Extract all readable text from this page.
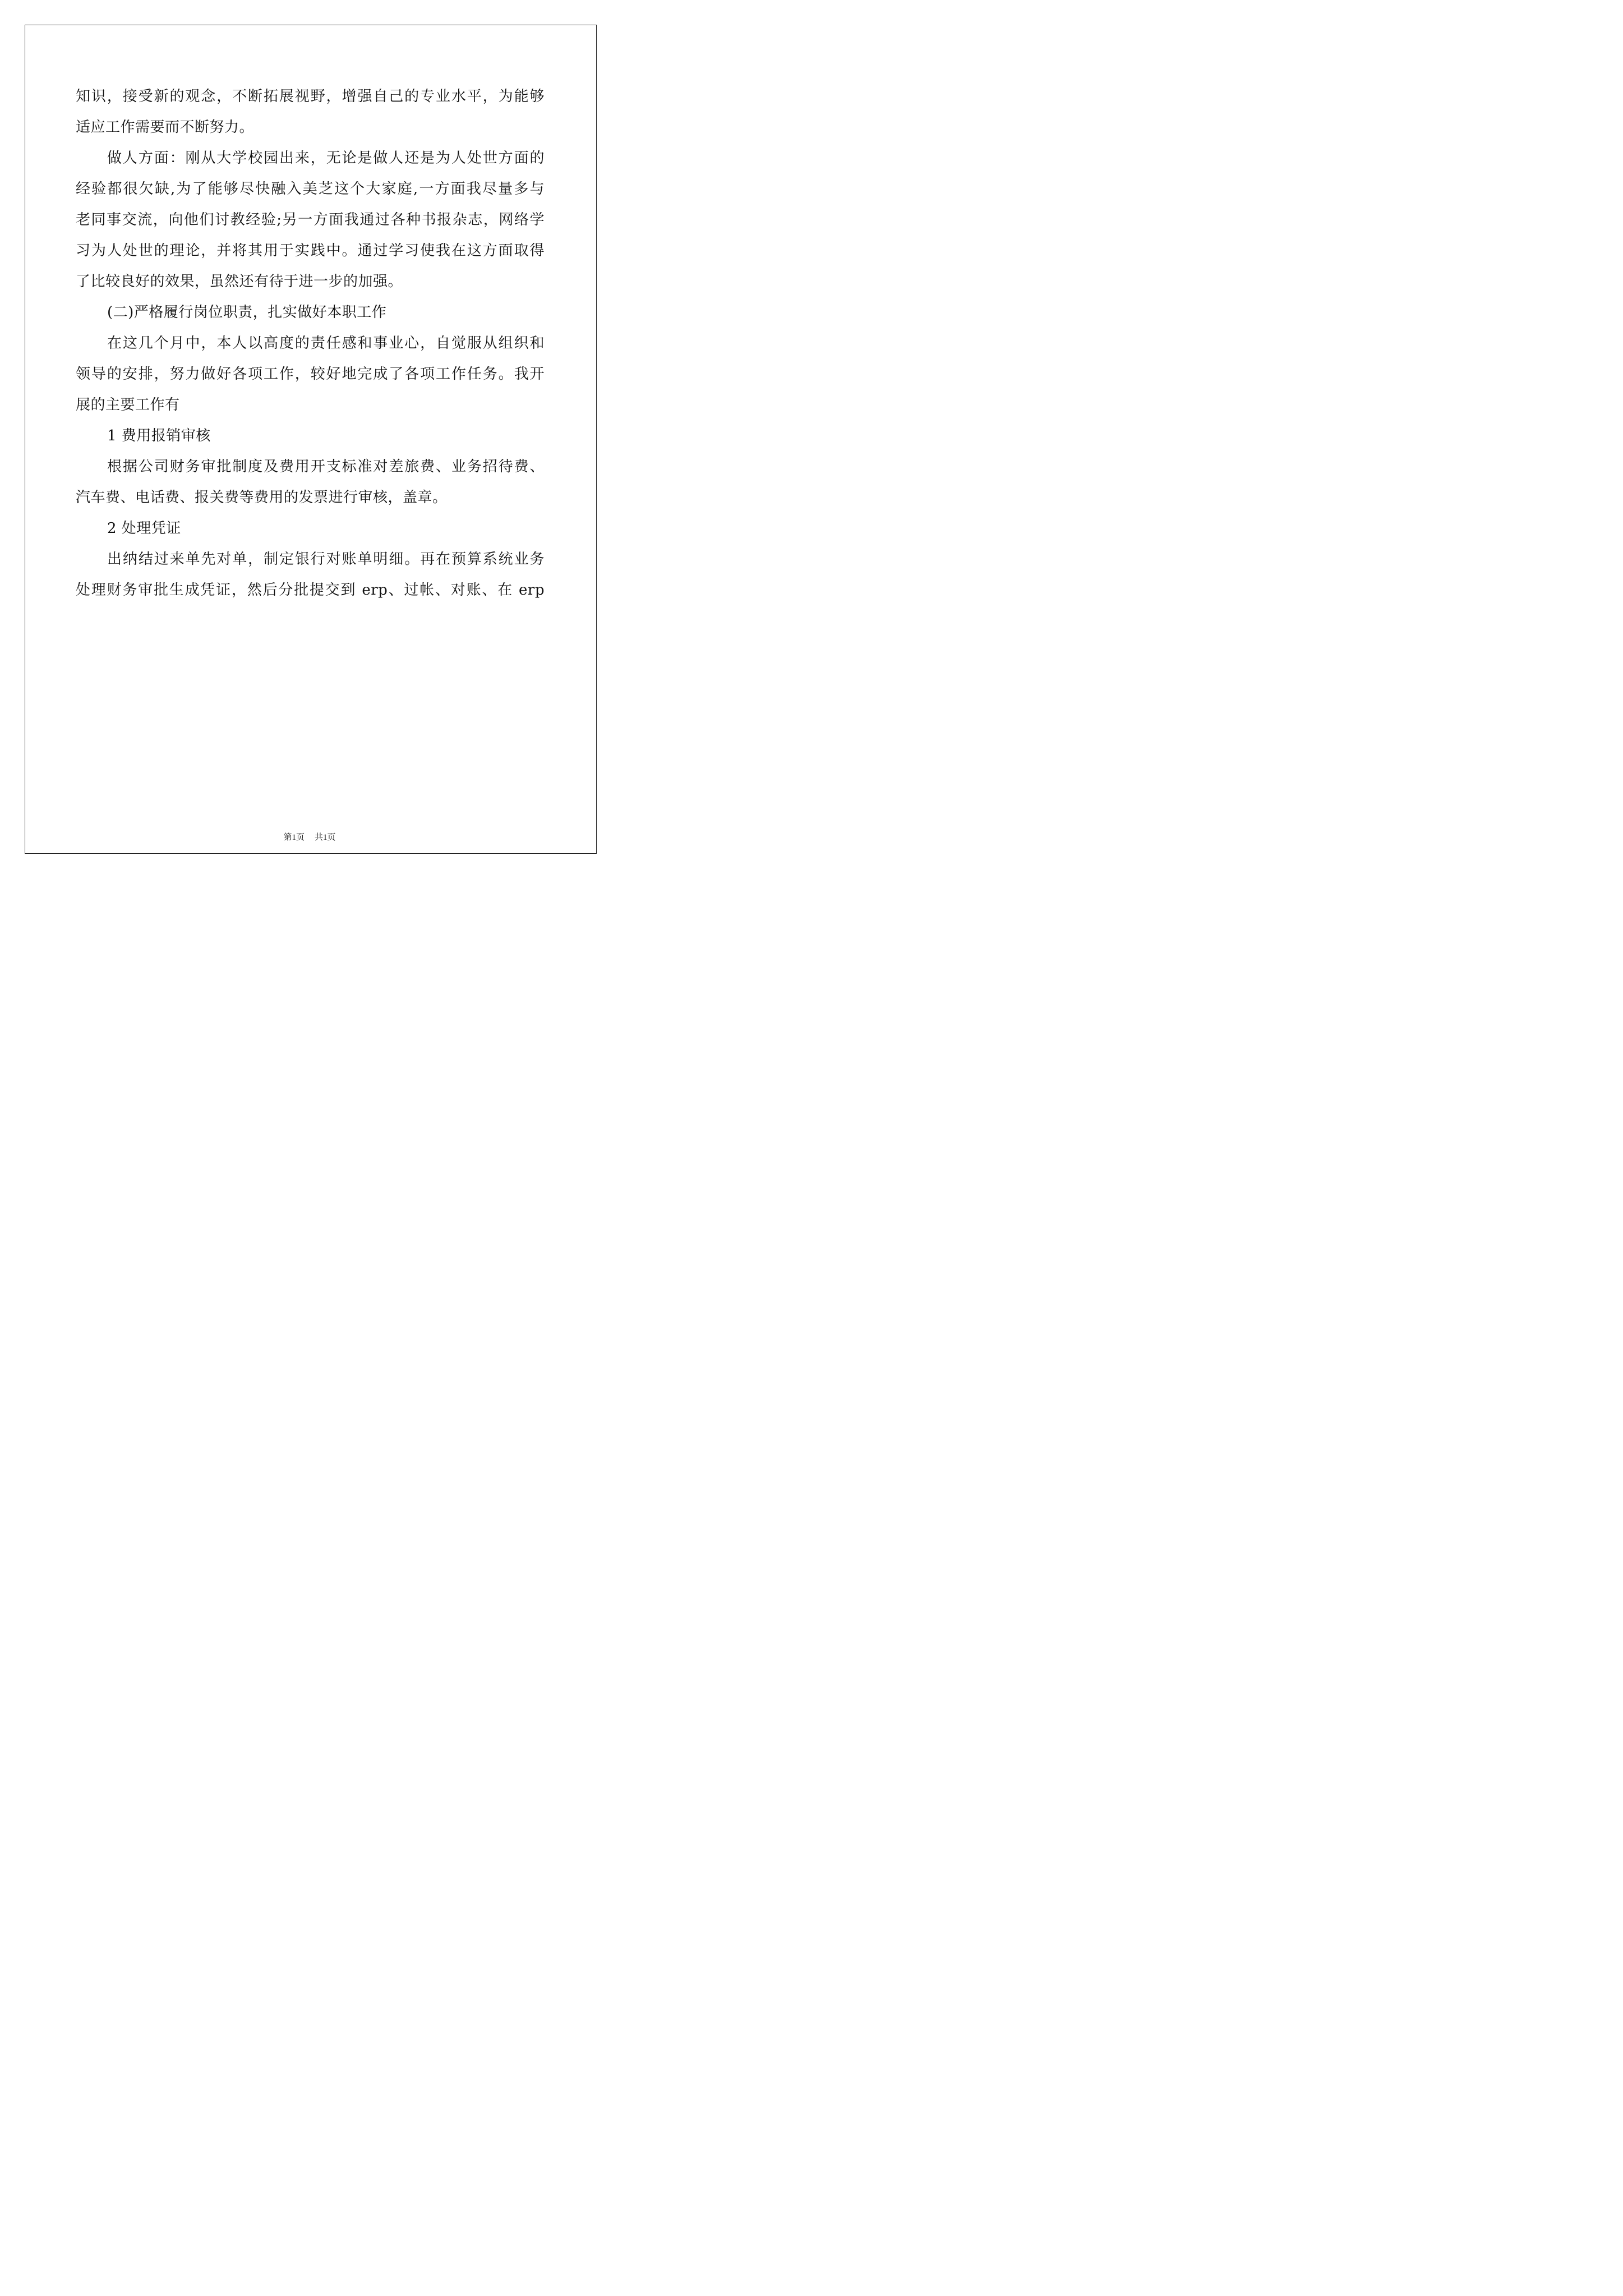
知识，接受新的观念，不断拓展视野，增强自己的专业水平，为能够
适应工作需要而不断努力。
做人方面：刚从大学校园出来，无论是做人还是为人处世方面的
经验都很欠缺,为了能够尽快融入美芝这个大家庭,一方面我尽量多与
老同事交流，向他们讨教经验;另一方面我通过各种书报杂志，网络学
习为人处世的理论，并将其用于实践中。通过学习使我在这方面取得
了比较良好的效果，虽然还有待于进一步的加强。
(二)严格履行岗位职责，扎实做好本职工作
在这几个月中，本人以高度的责任感和事业心，自觉服从组织和
领导的安排，努力做好各项工作，较好地完成了各项工作任务。我开
展的主要工作有
1 费用报销审核
根据公司财务审批制度及费用开支标准对差旅费、业务招待费、
汽车费、电话费、报关费等费用的发票进行审核，盖章。
2 处理凭证
出纳结过来单先对单，制定银行对账单明细。再在预算系统业务
处理财务审批生成凭证，然后分批提交到 erp、过帐、对账、在 erp
第1页 共1页
